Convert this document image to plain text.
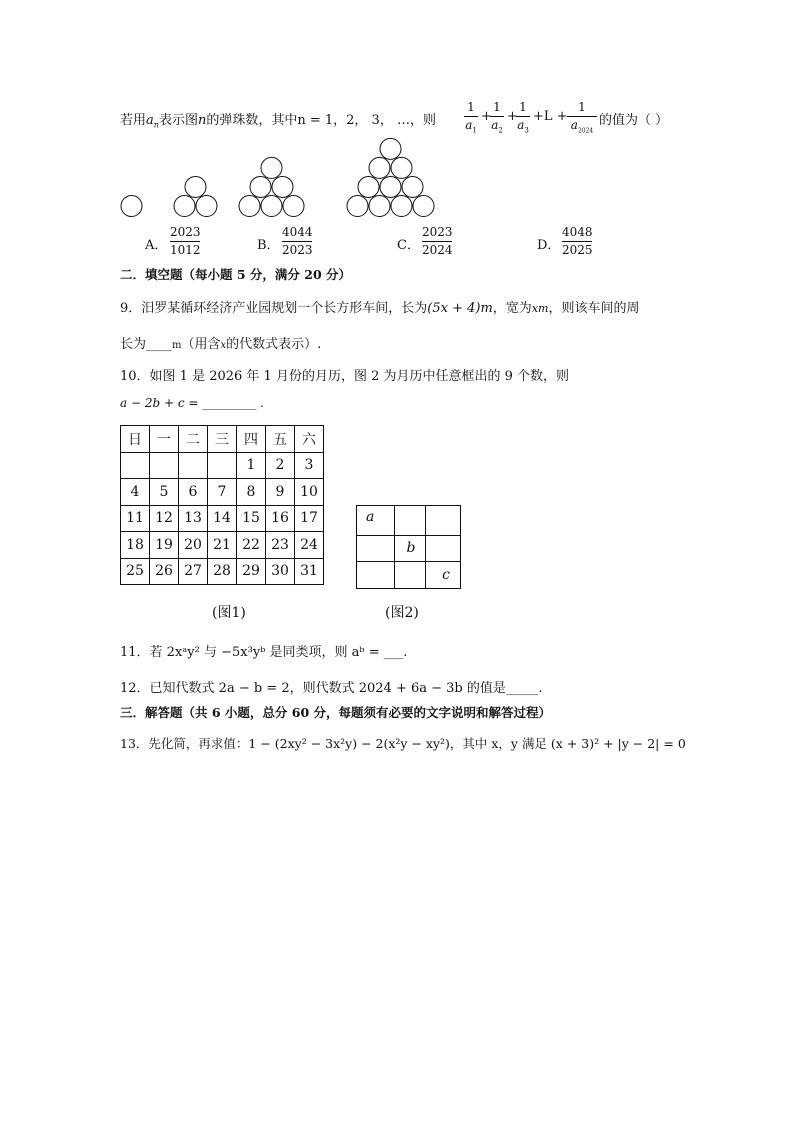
若用$a_n$表示图n的弹珠数，其中n = 1，2， 3， …，则
1
$a_1$
+
1
$a_2$
+
1
$a_3$
+L +
1
$a_{2024}$
的值为（ ）
A．
2023
1012	B．
4044
2023	C．
2023
2024	D．
4048
2025
二．填空题（每小题 5 分，满分 20 分）
9．汨罗某循环经济产业园规划一个长方形车间，长为(5x + 4)m，宽为xm，则该车间的周
长为____m（用含x的代数式表示）.
10．如图 1 是 2026 年 1 月份的月历，图 2 为月历中任意框出的 9 个数，则
a − 2b + c = _________ .
日	一	二	三	四	五	六
				1	2	3
4	5	6	7	8	9	10
11	12	13	14	15	16	17
18	19	20	21	22	23	24
25	26	27	28	29	30	31
a		
	b	
		c
(图1)	(图2)
11．若 2xᵃy² 与 −5x³yᵇ 是同类项，则 aᵇ = ___.
12．已知代数式 2a − b = 2，则代数式 2024 + 6a − 3b 的值是_____.
三．解答题（共 6 小题，总分 60 分，每题须有必要的文字说明和解答过程）
13．先化简，再求值：1 − (2xy² − 3x²y) − 2(x²y − xy²)，其中 x，y 满足 (x + 3)² + |y − 2| = 0
